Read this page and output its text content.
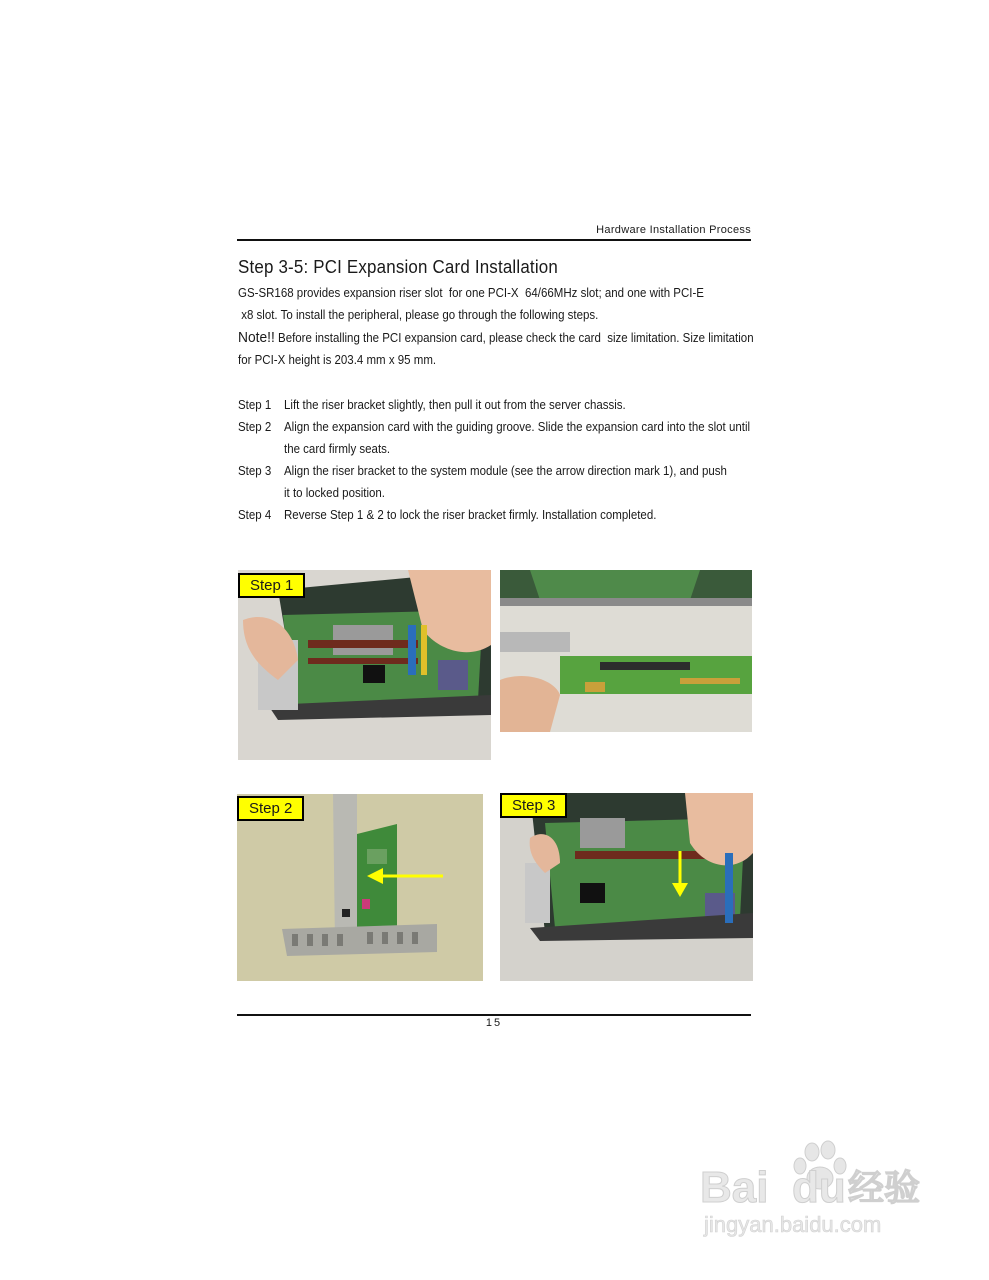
Hardware Installation Process
Step 3-5: PCI Expansion Card Installation
GS-SR168 provides expansion riser slot  for one PCI-X  64/66MHz slot; and one with PCI-E
x8 slot. To install the peripheral, please go through the following steps.
Note!! Before installing the PCI expansion card, please check the card  size limitation. Size limitation
for PCI-X height is 203.4 mm x 95 mm.
Step 1	Lift the riser bracket slightly, then pull it out from the server chassis.
Step 2	Align the expansion card with the guiding groove. Slide the expansion card into the slot until
the card firmly seats.
Step 3	Align the riser bracket to the system module (see the arrow direction mark 1), and push
it to locked position.
Step 4	Reverse Step 1 & 2 to lock the riser bracket firmly. Installation completed.
Step 1
Step 2	Step 3
15
Bai du 经验
jingyan.baidu.com
